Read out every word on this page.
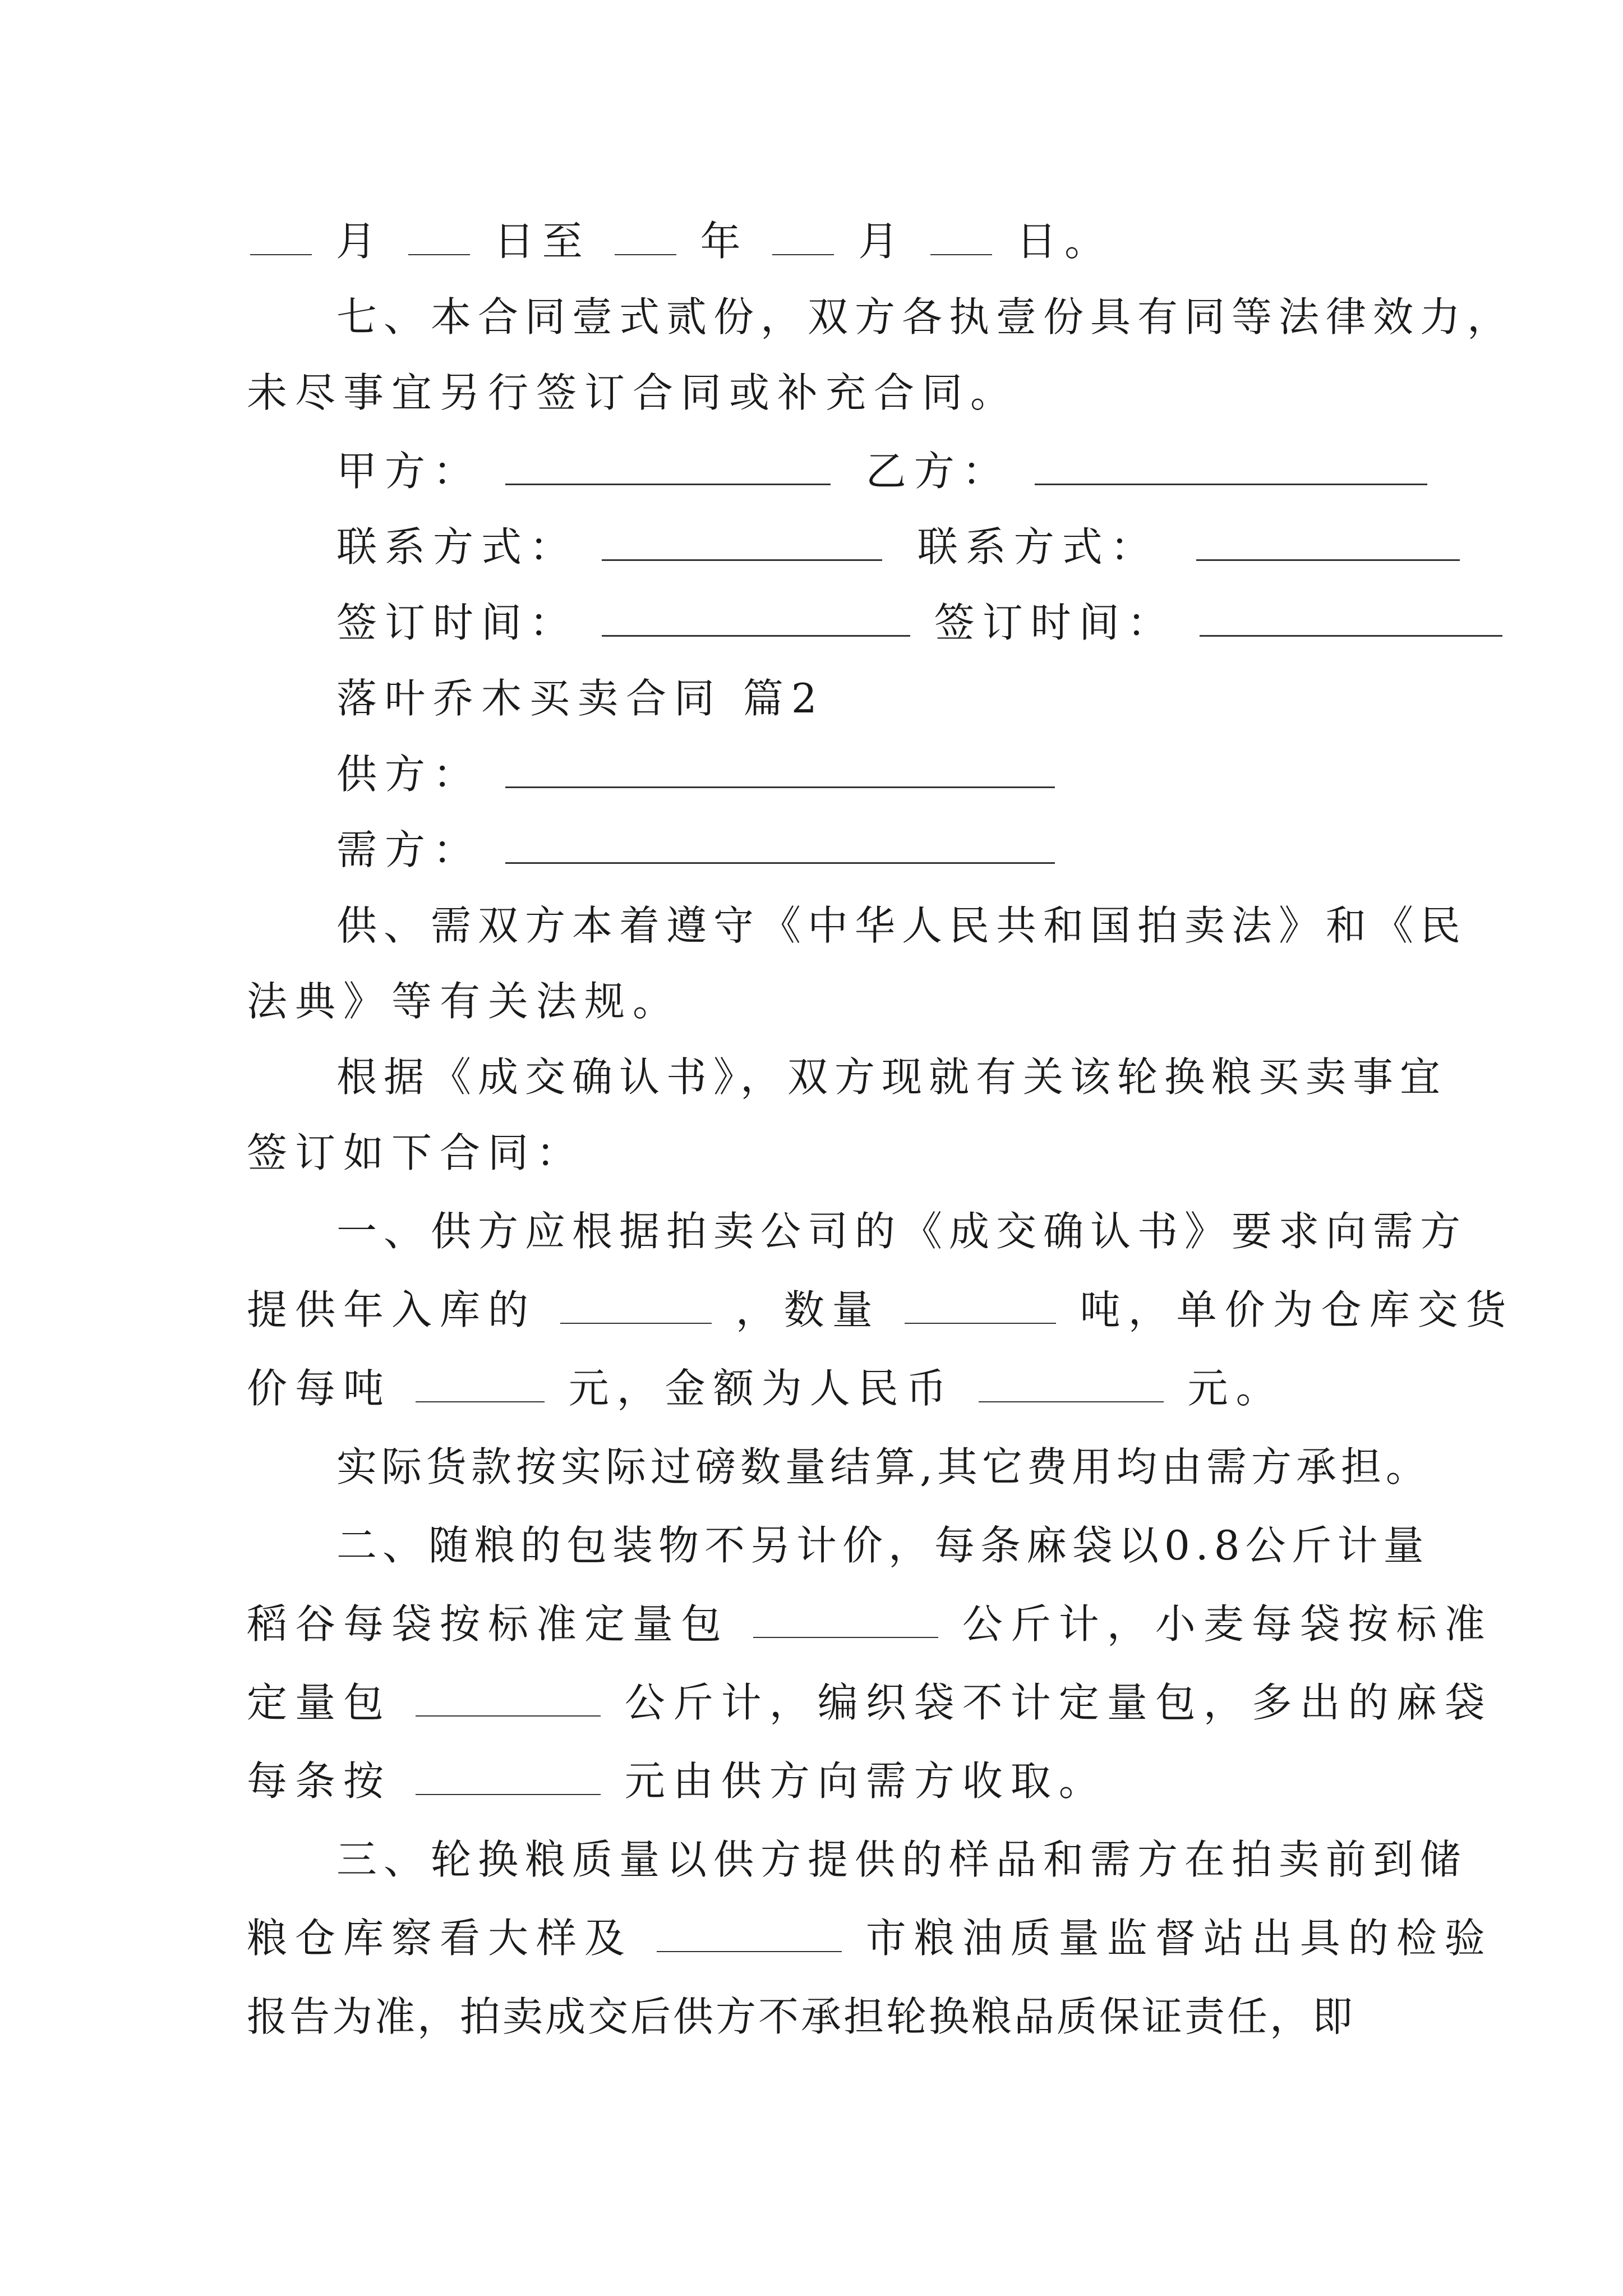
月	日至	年	月	日。
七、本合同壹式贰份，双方各执壹份具有同等法律效力，
未尽事宜另行签订合同或补充合同。
甲方：	乙方：
联系方式：	联系方式：
签订时间：	签订时间：
落叶乔木买卖合同 篇2
供方：
需方：
供、需双方本着遵守《中华人民共和国拍卖法》和《民
法典》等有关法规。
根据《成交确认书》，双方现就有关该轮换粮买卖事宜
签订如下合同：
一、供方应根据拍卖公司的《成交确认书》要求向需方
提供年入库的	，数量	吨，单价为仓库交货
价每吨	元，金额为人民币	元。
实际货款按实际过磅数量结算,其它费用均由需方承担。
二、随粮的包装物不另计价，每条麻袋以0.8公斤计量
稻谷每袋按标准定量包	公斤计，小麦每袋按标准
定量包	公斤计，编织袋不计定量包，多出的麻袋
每条按	元由供方向需方收取。
三、轮换粮质量以供方提供的样品和需方在拍卖前到储
粮仓库察看大样及	市粮油质量监督站出具的检验
报告为准，拍卖成交后供方不承担轮换粮品质保证责任，即
